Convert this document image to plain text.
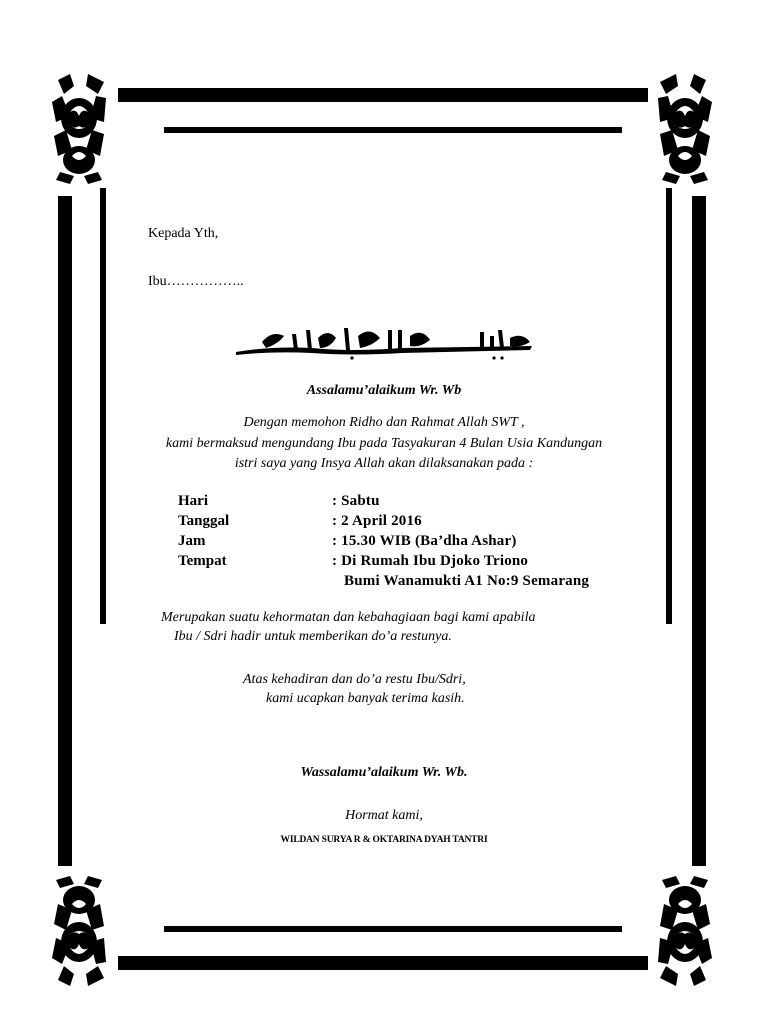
Kepada Yth,
Ibu……………..
Assalamu’alaikum Wr. Wb
Dengan memohon Ridho dan Rahmat Allah SWT ,
kami bermaksud mengundang Ibu pada Tasyakuran 4 Bulan Usia Kandungan
istri saya yang Insya Allah akan dilaksanakan pada :
Hari	: Sabtu
Tanggal	: 2 April 2016
Jam	: 15.30 WIB (Ba’dha Ashar)
Tempat	: Di Rumah Ibu Djoko Triono
Bumi Wanamukti A1 No:9 Semarang
Merupakan suatu kehormatan dan kebahagiaan bagi kami apabila
Ibu / Sdri hadir untuk memberikan do’a restunya.
Atas kehadiran dan do’a restu Ibu/Sdri,
kami ucapkan banyak terima kasih.
Wassalamu’alaikum Wr. Wb.
Hormat kami,
WILDAN SURYA R & OKTARINA DYAH TANTRI
